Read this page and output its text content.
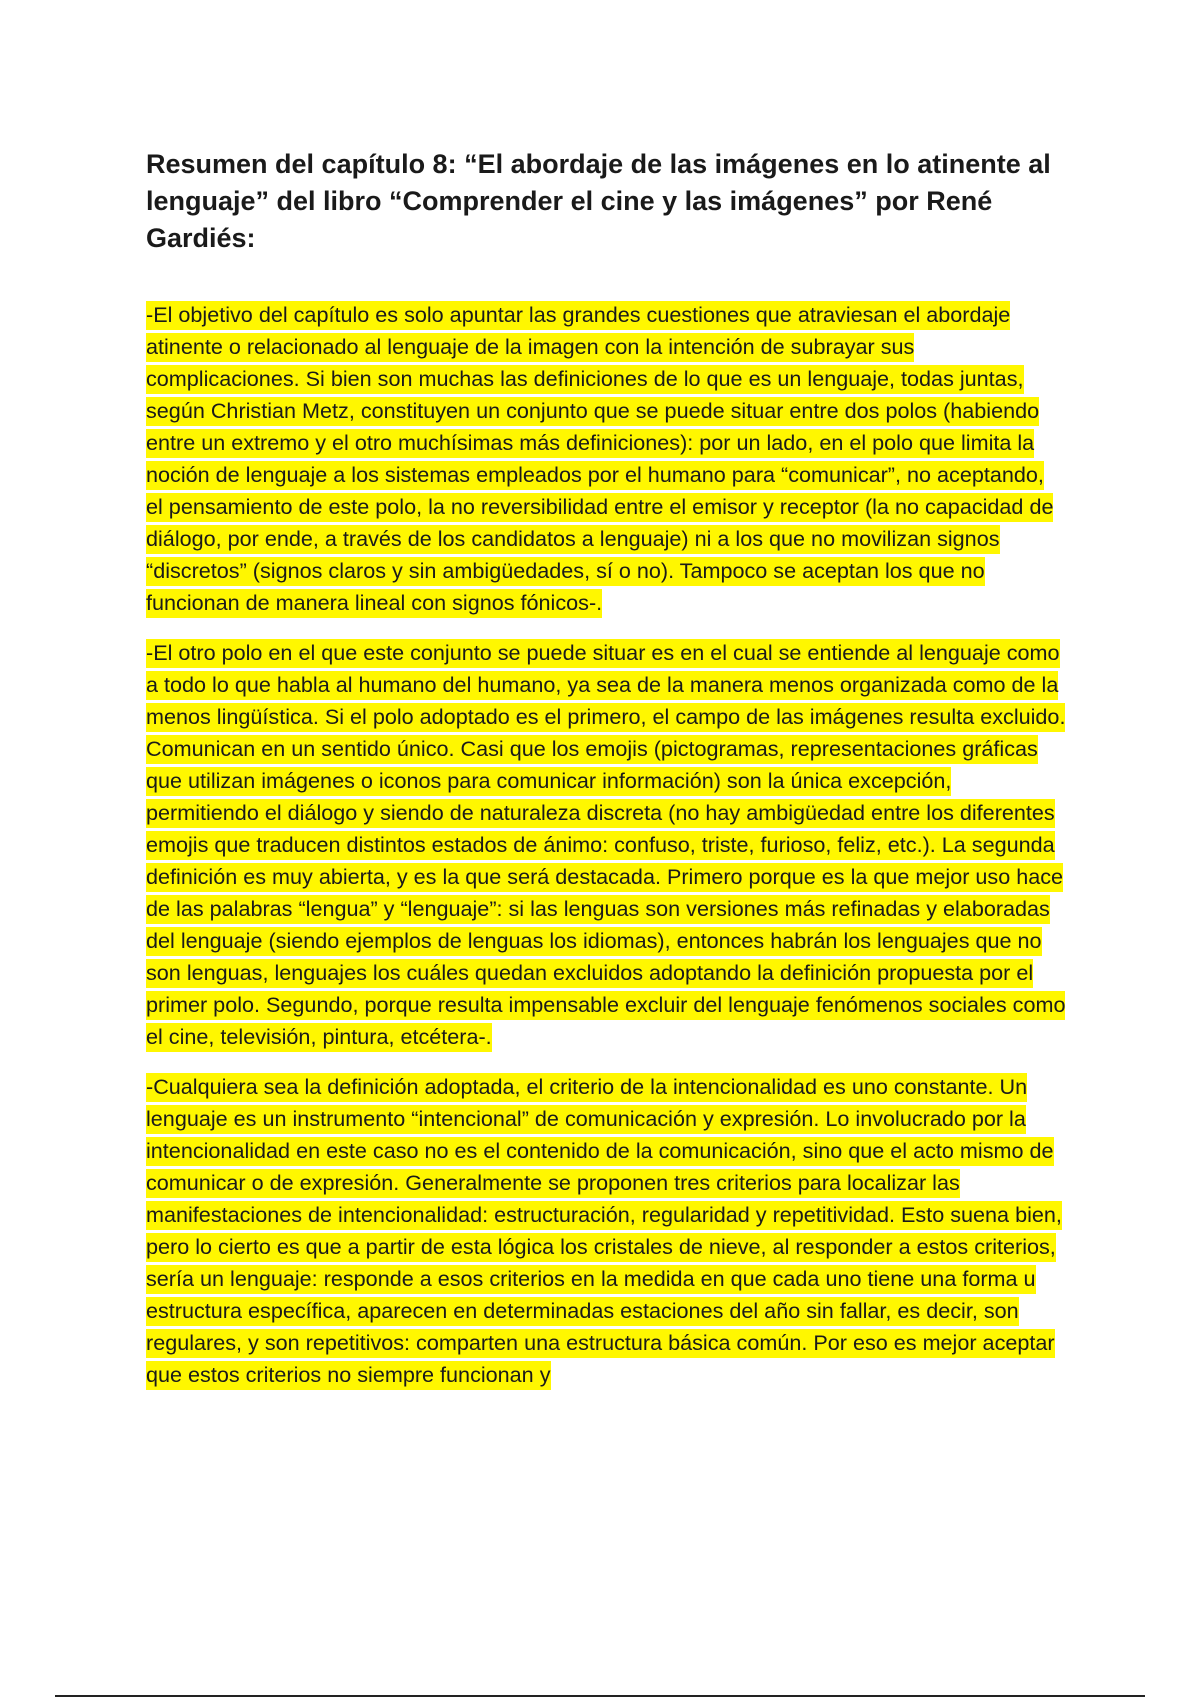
Resumen del capítulo 8: “El abordaje de las imágenes en lo atinente al lenguaje” del libro “Comprender el cine y las imágenes” por René Gardiés:

-El objetivo del capítulo es solo apuntar las grandes cuestiones que atraviesan el abordaje atinente o relacionado al lenguaje de la imagen con la intención de subrayar sus complicaciones. Si bien son muchas las definiciones de lo que es un lenguaje, todas juntas, según Christian Metz, constituyen un conjunto que se puede situar entre dos polos (habiendo entre un extremo y el otro muchísimas más definiciones): por un lado, en el polo que limita la noción de lenguaje a los sistemas empleados por el humano para “comunicar”, no aceptando, el pensamiento de este polo, la no reversibilidad entre el emisor y receptor (la no capacidad de diálogo, por ende, a través de los candidatos a lenguaje) ni a los que no movilizan signos “discretos” (signos claros y sin ambigüedades, sí o no). Tampoco se aceptan los que no funcionan de manera lineal con signos fónicos-.

-El otro polo en el que este conjunto se puede situar es en el cual se entiende al lenguaje como a todo lo que habla al humano del humano, ya sea de la manera menos organizada como de la menos lingüística. Si el polo adoptado es el primero, el campo de las imágenes resulta excluido. Comunican en un sentido único. Casi que los emojis (pictogramas, representaciones gráficas que utilizan imágenes o iconos para comunicar información) son la única excepción, permitiendo el diálogo y siendo de naturaleza discreta (no hay ambigüedad entre los diferentes emojis que traducen distintos estados de ánimo: confuso, triste, furioso, feliz, etc.). La segunda definición es muy abierta, y es la que será destacada. Primero porque es la que mejor uso hace de las palabras “lengua” y “lenguaje”: si las lenguas son versiones más refinadas y elaboradas del lenguaje (siendo ejemplos de lenguas los idiomas), entonces habrán los lenguajes que no son lenguas, lenguajes los cuáles quedan excluidos adoptando la definición propuesta por el primer polo. Segundo, porque resulta impensable excluir del lenguaje fenómenos sociales como el cine, televisión, pintura, etcétera-.

-Cualquiera sea la definición adoptada, el criterio de la intencionalidad es uno constante. Un lenguaje es un instrumento “intencional” de comunicación y expresión. Lo involucrado por la intencionalidad en este caso no es el contenido de la comunicación, sino que el acto mismo de comunicar o de expresión. Generalmente se proponen tres criterios para localizar las manifestaciones de intencionalidad: estructuración, regularidad y repetitividad. Esto suena bien, pero lo cierto es que a partir de esta lógica los cristales de nieve, al responder a estos criterios, sería un lenguaje: responde a esos criterios en la medida en que cada uno tiene una forma u estructura específica, aparecen en determinadas estaciones del año sin fallar, es decir, son regulares, y son repetitivos: comparten una estructura básica común. Por eso es mejor aceptar que estos criterios no siempre funcionan y
